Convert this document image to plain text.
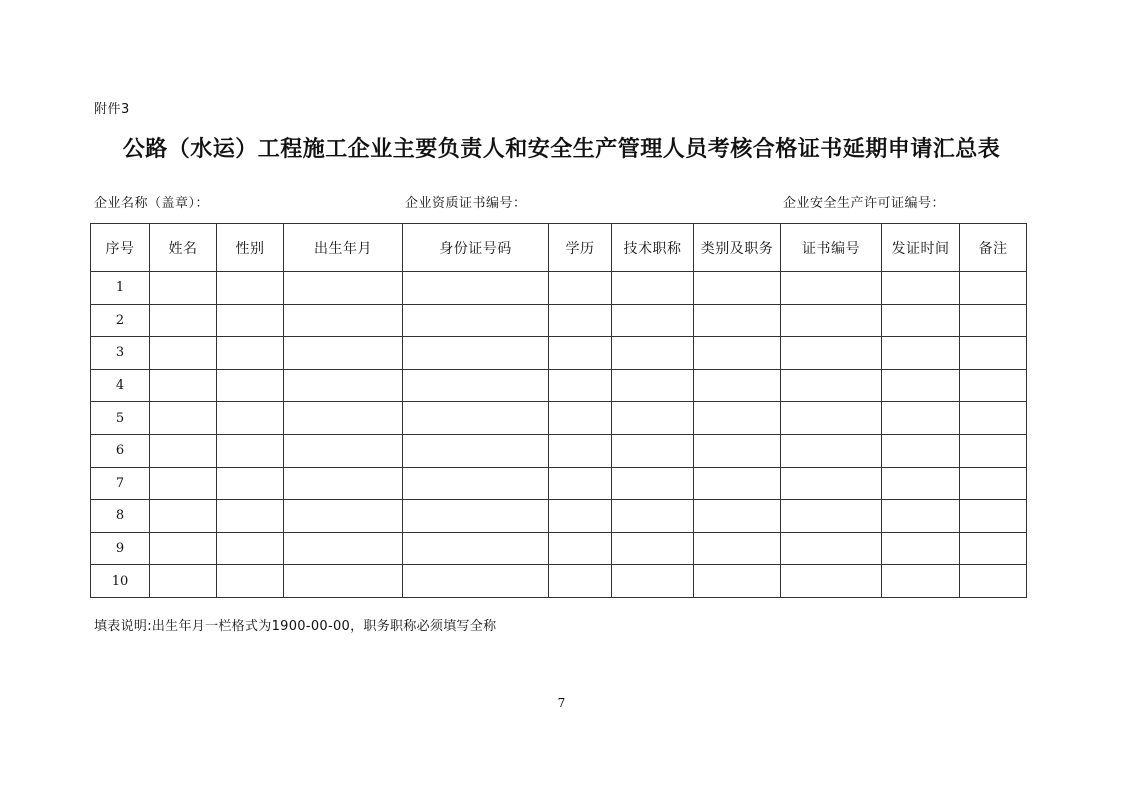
附件3
公路（水运）工程施工企业主要负责人和安全生产管理人员考核合格证书延期申请汇总表
企业名称（盖章）：	企业资质证书编号：	企业安全生产许可证编号：
序号	姓名	性别	出生年月	身份证号码	学历	技术职称	类别及职务	证书编号	发证时间	备注
1										
2										
3										
4										
5										
6										
7										
8										
9										
10										
填表说明:出生年月一栏格式为1900-00-00，职务职称必须填写全称
7
